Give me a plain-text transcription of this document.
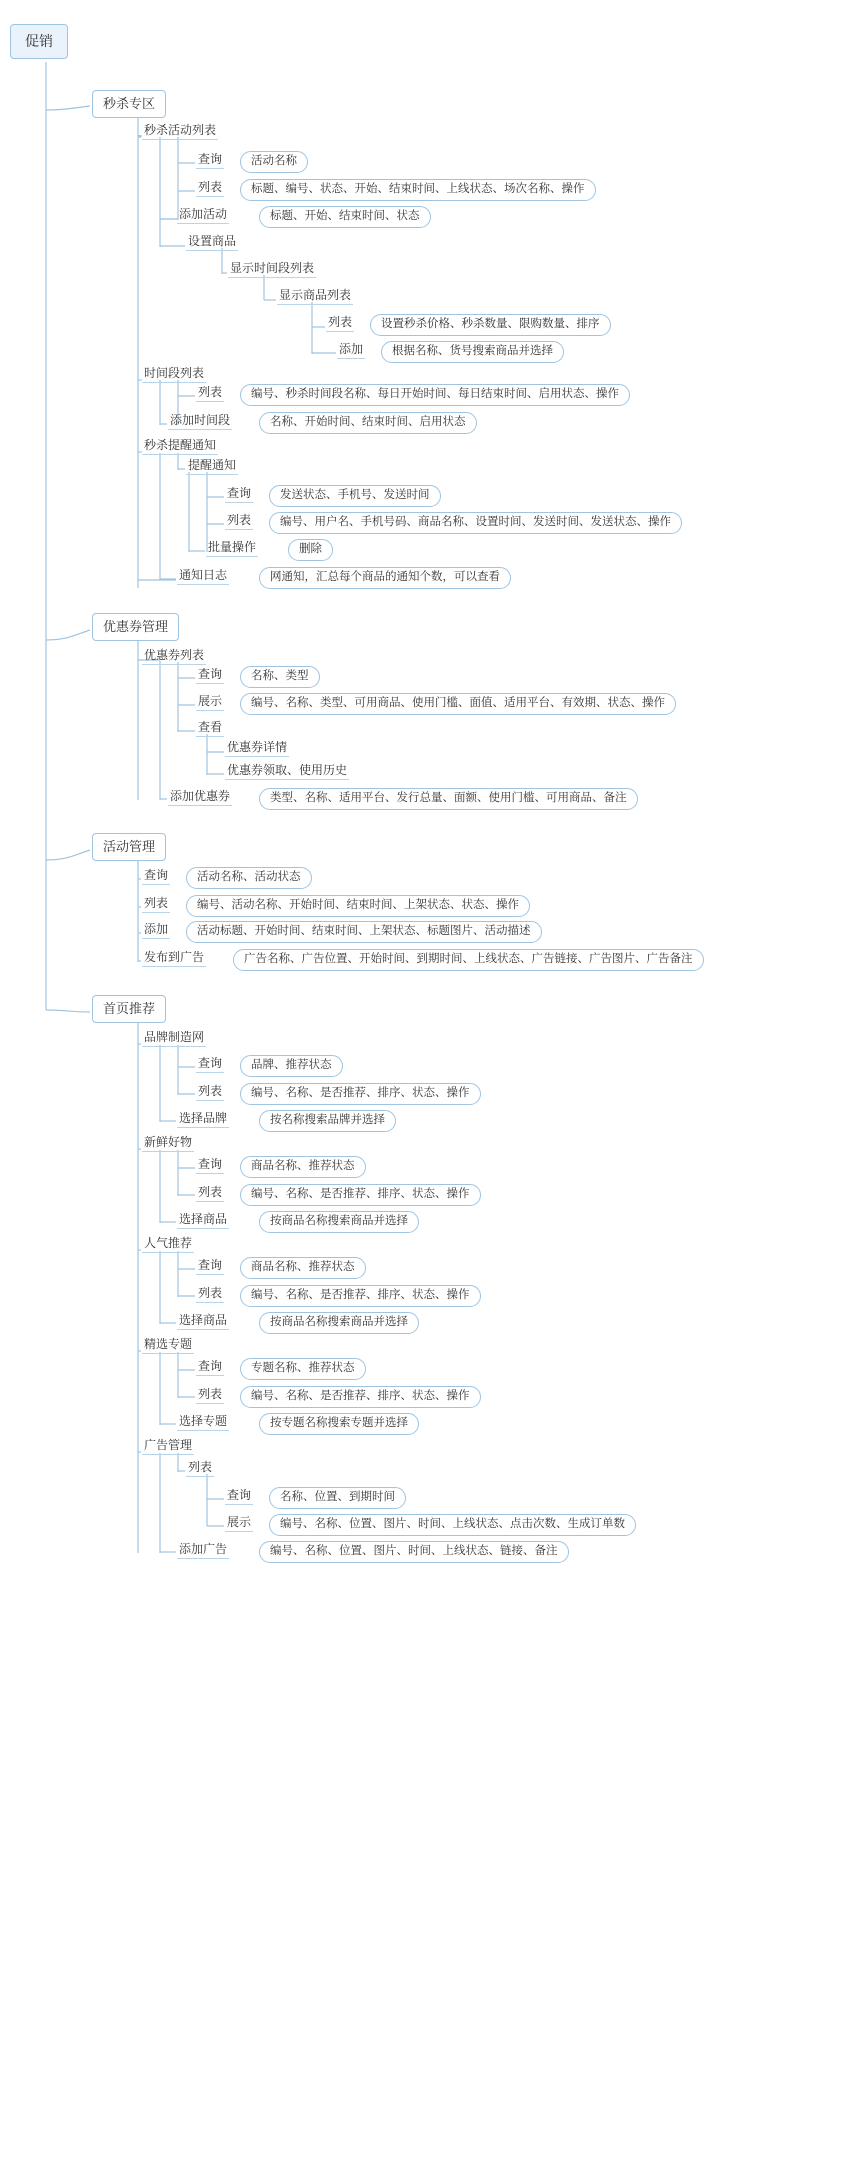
促销
秒杀专区
秒杀活动列表
查询	活动名称
列表	标题、编号、状态、开始、结束时间、上线状态、场次名称、操作
添加活动	标题、开始、结束时间、状态
设置商品
显示时间段列表
显示商品列表
列表	设置秒杀价格、秒杀数量、限购数量、排序
添加	根据名称、货号搜索商品并选择
时间段列表
列表	编号、秒杀时间段名称、每日开始时间、每日结束时间、启用状态、操作
添加时间段	名称、开始时间、结束时间、启用状态
秒杀提醒通知
提醒通知
查询	发送状态、手机号、发送时间
列表	编号、用户名、手机号码、商品名称、设置时间、发送时间、发送状态、操作
批量操作	删除
通知日志	网通知，汇总每个商品的通知个数，可以查看
优惠券管理
优惠券列表
查询	名称、类型
展示	编号、名称、类型、可用商品、使用门槛、面值、适用平台、有效期、状态、操作
查看
优惠券详情
优惠券领取、使用历史
添加优惠券	类型、名称、适用平台、发行总量、面额、使用门槛、可用商品、备注
活动管理
查询	活动名称、活动状态
列表	编号、活动名称、开始时间、结束时间、上架状态、状态、操作
添加	活动标题、开始时间、结束时间、上架状态、标题图片、活动描述
发布到广告	广告名称、广告位置、开始时间、到期时间、上线状态、广告链接、广告图片、广告备注
首页推荐
品牌制造网
查询	品牌、推荐状态
列表	编号、名称、是否推荐、排序、状态、操作
选择品牌	按名称搜索品牌并选择
新鲜好物
查询	商品名称、推荐状态
列表	编号、名称、是否推荐、排序、状态、操作
选择商品	按商品名称搜索商品并选择
人气推荐
查询	商品名称、推荐状态
列表	编号、名称、是否推荐、排序、状态、操作
选择商品	按商品名称搜索商品并选择
精选专题
查询	专题名称、推荐状态
列表	编号、名称、是否推荐、排序、状态、操作
选择专题	按专题名称搜索专题并选择
广告管理
列表
查询	名称、位置、到期时间
展示	编号、名称、位置、图片、时间、上线状态、点击次数、生成订单数
添加广告	编号、名称、位置、图片、时间、上线状态、链接、备注
